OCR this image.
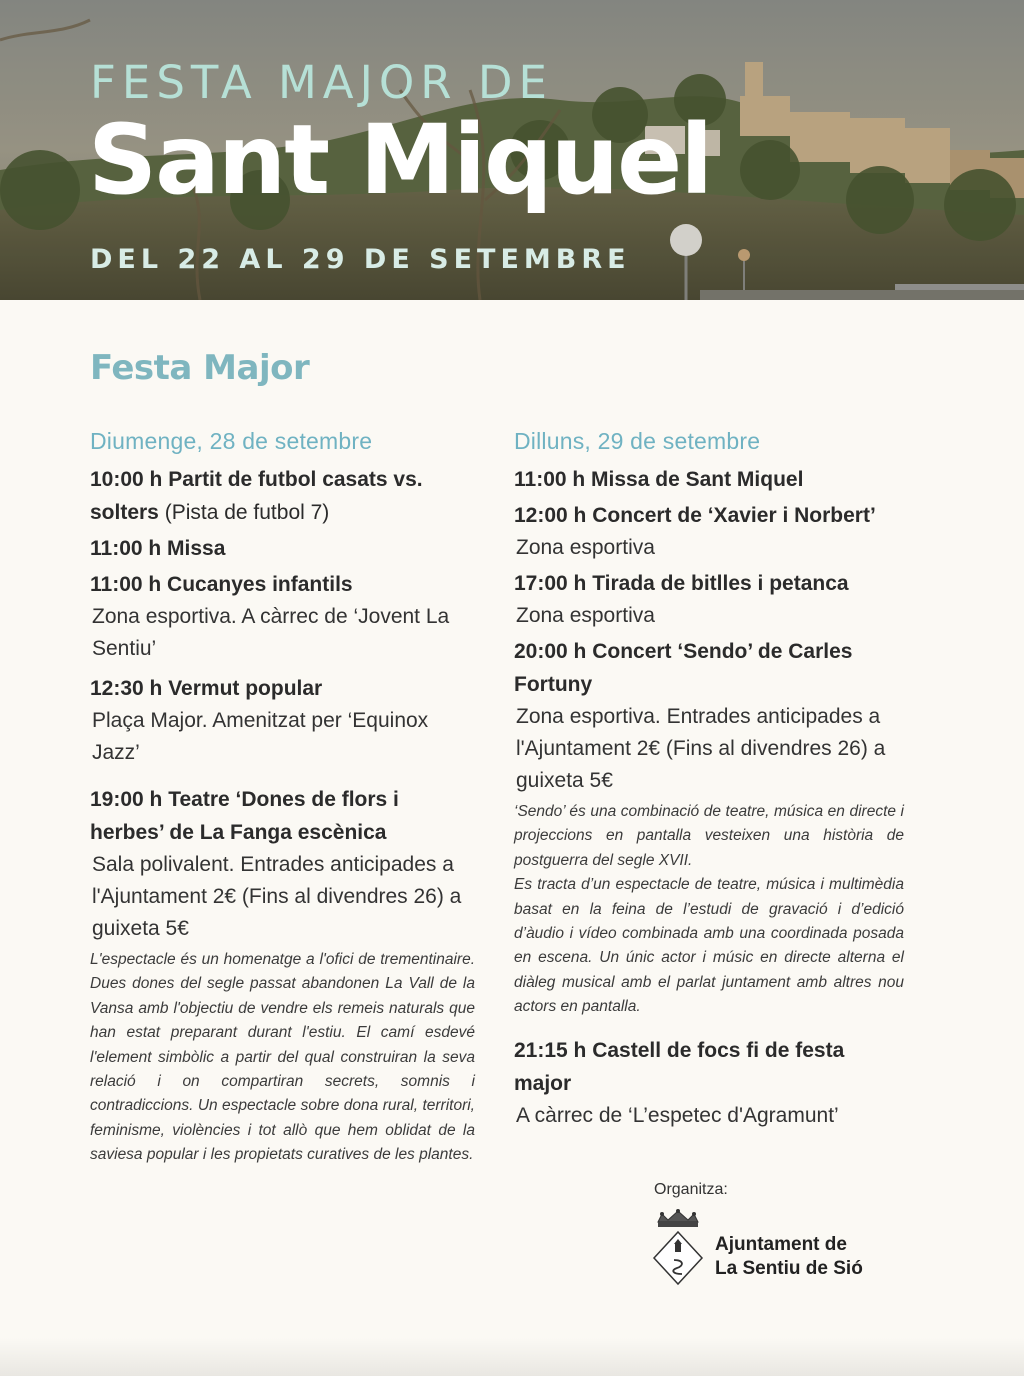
FESTA MAJOR DE
Sant Miquel
DEL 22 AL 29 DE SETEMBRE
Festa Major
Diumenge, 28 de setembre
10:00 h Partit de futbol casats vs. solters (Pista de futbol 7)
11:00 h Missa
11:00 h Cucanyes infantils
Zona esportiva. A càrrec de ‘Jovent La Sentiu’
12:30 h Vermut popular
Plaça Major. Amenitzat per ‘Equinox Jazz’
19:00 h Teatre ‘Dones de flors i herbes’ de La Fanga escènica
Sala polivalent. Entrades anticipades a l'Ajuntament 2€ (Fins al divendres 26) a guixeta 5€
L'espectacle és un homenatge a l'ofici de trementinaire. Dues dones del segle passat abandonen La Vall de la Vansa amb l'objectiu de vendre els remeis naturals que han estat preparant durant l'estiu. El camí esdevé l'element simbòlic a partir del qual construiran la seva relació i on compartiran secrets, somnis i contradiccions. Un espectacle sobre dona rural, territori, feminisme, violències i tot allò que hem oblidat de la saviesa popular i les propietats curatives de les plantes.
Dilluns, 29 de setembre
11:00 h Missa de Sant Miquel
12:00 h Concert de ‘Xavier i Norbert’
Zona esportiva
17:00 h Tirada de bitlles i petanca
Zona esportiva
20:00 h Concert ‘Sendo’ de Carles Fortuny
Zona esportiva. Entrades anticipades a l'Ajuntament 2€ (Fins al divendres 26) a guixeta 5€
‘Sendo’ és una combinació de teatre, música en directe i projeccions en pantalla vesteixen una història de postguerra del segle XVII.
Es tracta d’un espectacle de teatre, música i multimèdia basat en la feina de l’estudi de gravació i d’edició d’àudio i vídeo combinada amb una coordinada posada en escena. Un únic actor i músic en directe alterna el diàleg musical amb el parlat juntament amb altres nou actors en pantalla.
21:15 h Castell de focs fi de festa major
A càrrec de ‘L’espetec d'Agramunt’
Organitza:
Ajuntament de
La Sentiu de Sió
